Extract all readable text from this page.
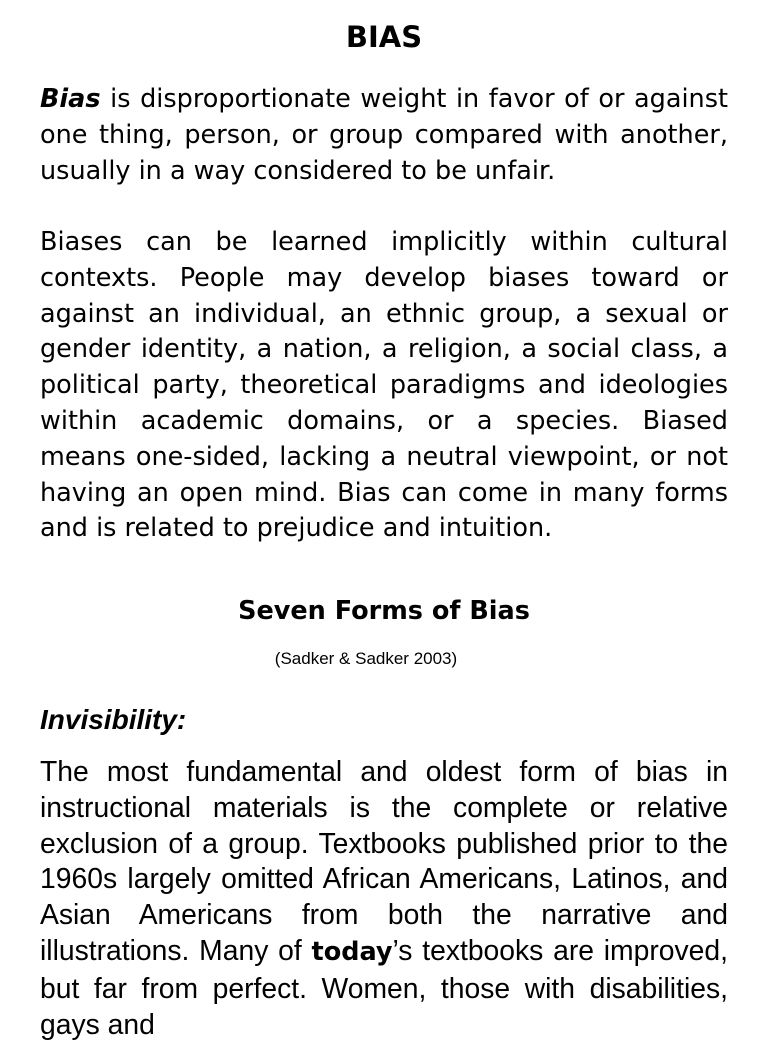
BIAS

Bias is disproportionate weight in favor of or against one thing, person, or group compared with another, usually in a way considered to be unfair.

Biases can be learned implicitly within cultural contexts. People may develop biases toward or against an individual, an ethnic group, a sexual or gender identity, a nation, a religion, a social class, a political party, theoretical paradigms and ideologies within academic domains, or a species. Biased means one-sided, lacking a neutral viewpoint, or not having an open mind. Bias can come in many forms and is related to prejudice and intuition.

Seven Forms of Bias
(Sadker & Sadker 2003)
Invisibility:

The most fundamental and oldest form of bias in instructional materials is the complete or relative exclusion of a group. Textbooks published prior to the 1960s largely omitted African Americans, Latinos, and Asian Americans from both the narrative and illustrations. Many of today’s textbooks are improved, but far from perfect. Women, those with disabilities, gays and
